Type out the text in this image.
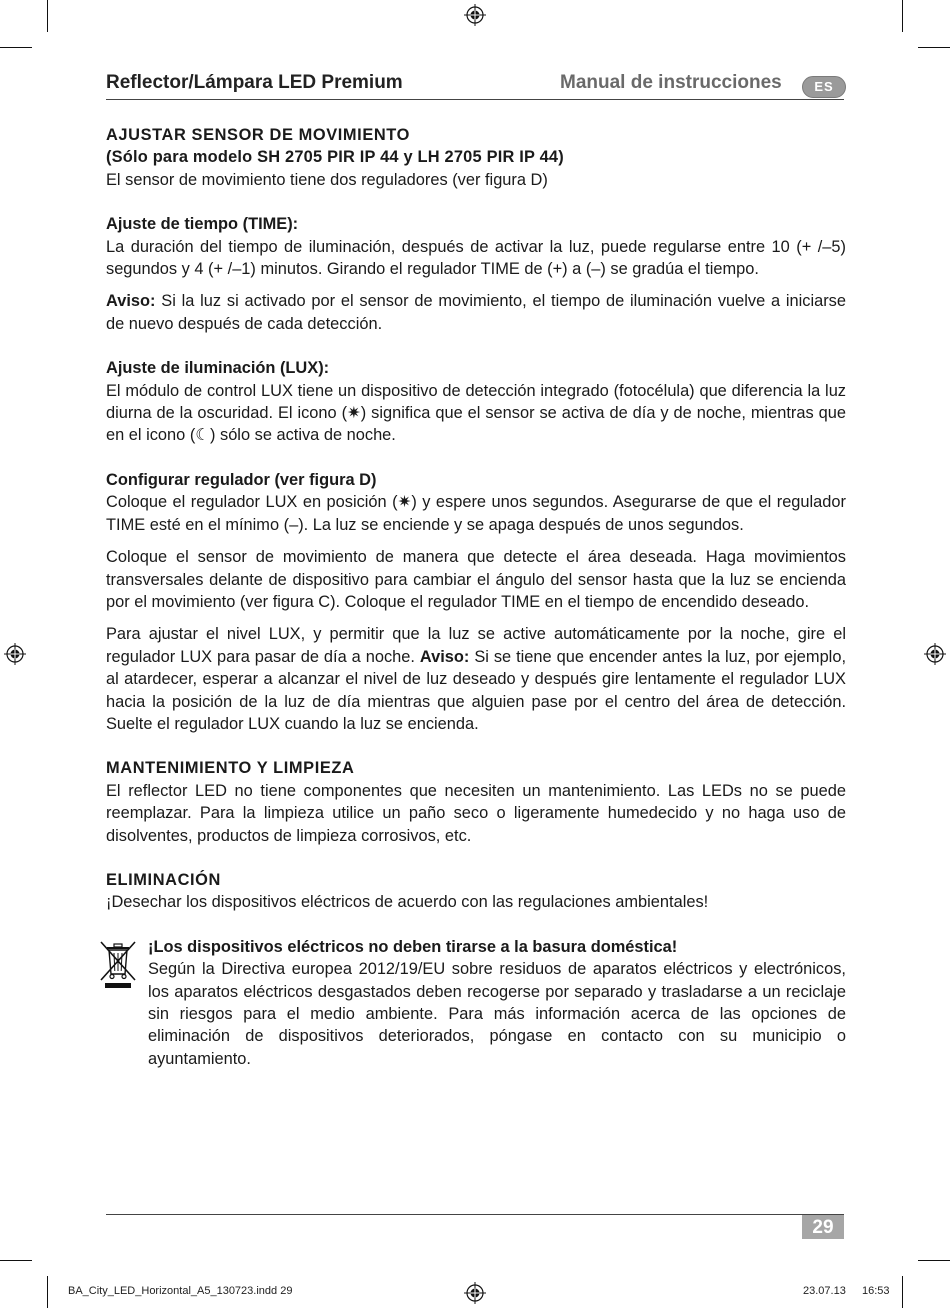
Reflector/Lámpara LED Premium	Manual de instrucciones	ES

AJUSTAR SENSOR DE MOVIMIENTO

(Sólo para modelo SH 2705 PIR IP 44 y LH 2705 PIR IP 44)

El sensor de movimiento tiene dos reguladores (ver figura D)

Ajuste de tiempo (TIME):

La duración del tiempo de iluminación, después de activar la luz, puede regularse entre 10 (+ /–5) segundos y 4 (+ /–1) minutos. Girando el regulador TIME de (+) a (–) se gradúa el tiempo.

Aviso: Si la luz si activado por el sensor de movimiento, el tiempo de iluminación vuelve a iniciarse de nuevo después de cada detección.

Ajuste de iluminación (LUX):

El módulo de control LUX tiene un dispositivo de detección integrado (fotocélula) que diferencia la luz diurna de la oscuridad. El icono (✷) significa que el sensor se activa de día y de noche, mientras que en el icono (☾) sólo se activa de noche.

Configurar regulador (ver figura D)

Coloque el regulador LUX en posición (✷) y espere unos segundos. Asegurarse de que el regulador TIME esté en el mínimo (–). La luz se enciende y se apaga después de unos segundos.

Coloque el sensor de movimiento de manera que detecte el área deseada. Haga movimientos transversales delante de dispositivo para cambiar el ángulo del sensor hasta que la luz se encienda por el movimiento (ver figura C). Coloque el regulador TIME en el tiempo de encendido deseado.

Para ajustar el nivel LUX, y permitir que la luz se active automáticamente por la noche, gire el regulador LUX para pasar de día a noche. Aviso: Si se tiene que encender antes la luz, por ejemplo, al atardecer, esperar a alcanzar el nivel de luz deseado y después gire lentamente el regulador LUX hacia la posición de la luz de día mientras que alguien pase por el centro del área de detección. Suelte el regulador LUX cuando la luz se encienda.

MANTENIMIENTO Y LIMPIEZA

El reflector LED no tiene componentes que necesiten un mantenimiento. Las LEDs no se puede reemplazar. Para la limpieza utilice un paño seco o ligeramente humedecido y no haga uso de disolventes, productos de limpieza corrosivos, etc.

ELIMINACIÓN

¡Desechar los dispositivos eléctricos de acuerdo con las regulaciones ambientales!

¡Los dispositivos eléctricos no deben tirarse a la basura doméstica!

Según la Directiva europea 2012/19/EU sobre residuos de aparatos eléctricos y electrónicos, los aparatos eléctricos desgastados deben recogerse por separado y trasladarse a un reciclaje sin riesgos para el medio ambiente. Para más información acerca de las opciones de eliminación de dispositivos deteriorados, póngase en contacto con su municipio o ayuntamiento.

29
BA_City_LED_Horizontal_A5_130723.indd 29	23.07.13 16:53
